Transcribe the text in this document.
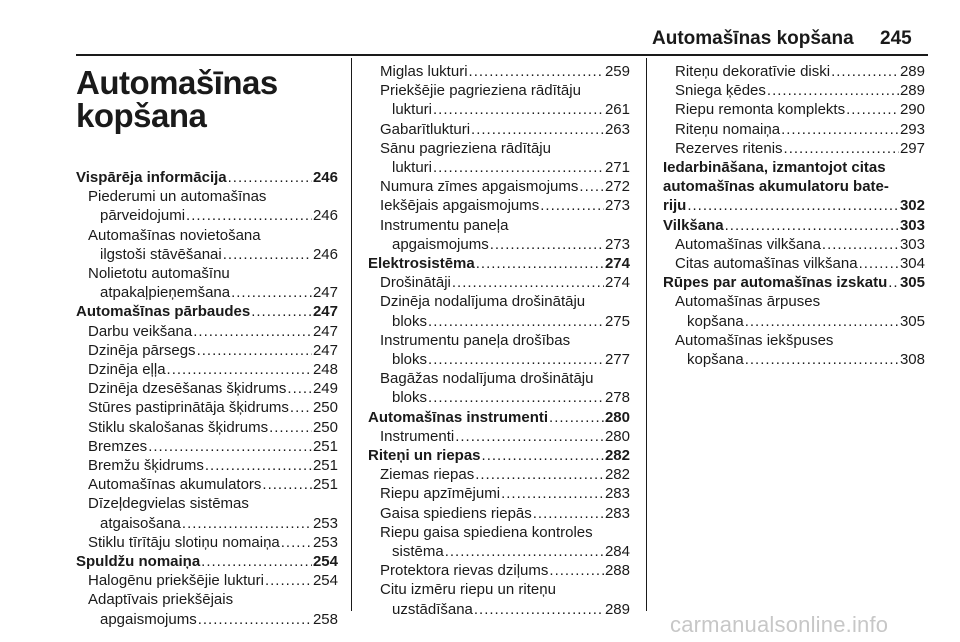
Automašīnas kopšana 245
Automašīnas
kopšana
Vispārēja informācija .....	246
Piederumi un automašīnas
pārveidojumi .....	246
Automašīnas novietošana
ilgstoši stāvēšanai .....	246
Nolietotu automašīnu
atpakaļpieņemšana .....	247
Automašīnas pārbaudes .....	247
Darbu veikšana .....	247
Dzinēja pārsegs .....	247
Dzinēja eļļa .....	248
Dzinēja dzesēšanas šķidrums ..... 249
Stūres pastiprinātāja šķidrums ..... 250
Stiklu skalošanas šķidrums .....	250
Bremzes .....	251
Bremžu šķidrums .....	251
Automašīnas akumulators .....	251
Dīzeļdegvielas sistēmas
atgaisošana .....	253
Stiklu tīrītāju slotiņu nomaiņa ..... 253
Spuldžu nomaiņa .....	254
Halogēnu priekšējie lukturi .....	254
Adaptīvais priekšējais
apgaismojums .....	258
Miglas lukturi .....	259
Priekšējie pagrieziena rādītāju
lukturi .....	261
Gabarītlukturi .....	263
Sānu pagrieziena rādītāju
lukturi .....	271
Numura zīmes apgaismojums ..... 272
Iekšējais apgaismojums .....	273
Instrumentu paneļa
apgaismojums .....	273
Elektrosistēma .....	274
Drošinātāji .....	274
Dzinēja nodalījuma drošinātāju
bloks .....	275
Instrumentu paneļa drošības
bloks .....	277
Bagāžas nodalījuma drošinātāju
bloks .....	278
Automašīnas instrumenti .....	280
Instrumenti .....	280
Riteņi un riepas .....	282
Ziemas riepas .....	282
Riepu apzīmējumi .....	283
Gaisa spiediens riepās .....	283
Riepu gaisa spiediena kontroles
sistēma .....	284
Protektora rievas dziļums .....	288
Citu izmēru riepu un riteņu
uzstādīšana .....	289
Riteņu dekoratīvie diski .....	289
Sniega ķēdes .....	289
Riepu remonta komplekts .....	290
Riteņu nomaiņa .....	293
Rezerves ritenis .....	297
Iedarbināšana, izmantojot citas
automašīnas akumulatoru bate-
riju .....	302
Vilkšana .....	303
Automašīnas vilkšana .....	303
Citas automašīnas vilkšana .....	304
Rūpes par automašīnas izskatu ..... 305
Automašīnas ārpuses
kopšana .....	305
Automašīnas iekšpuses
kopšana .....	308
carmanualsonline.info
